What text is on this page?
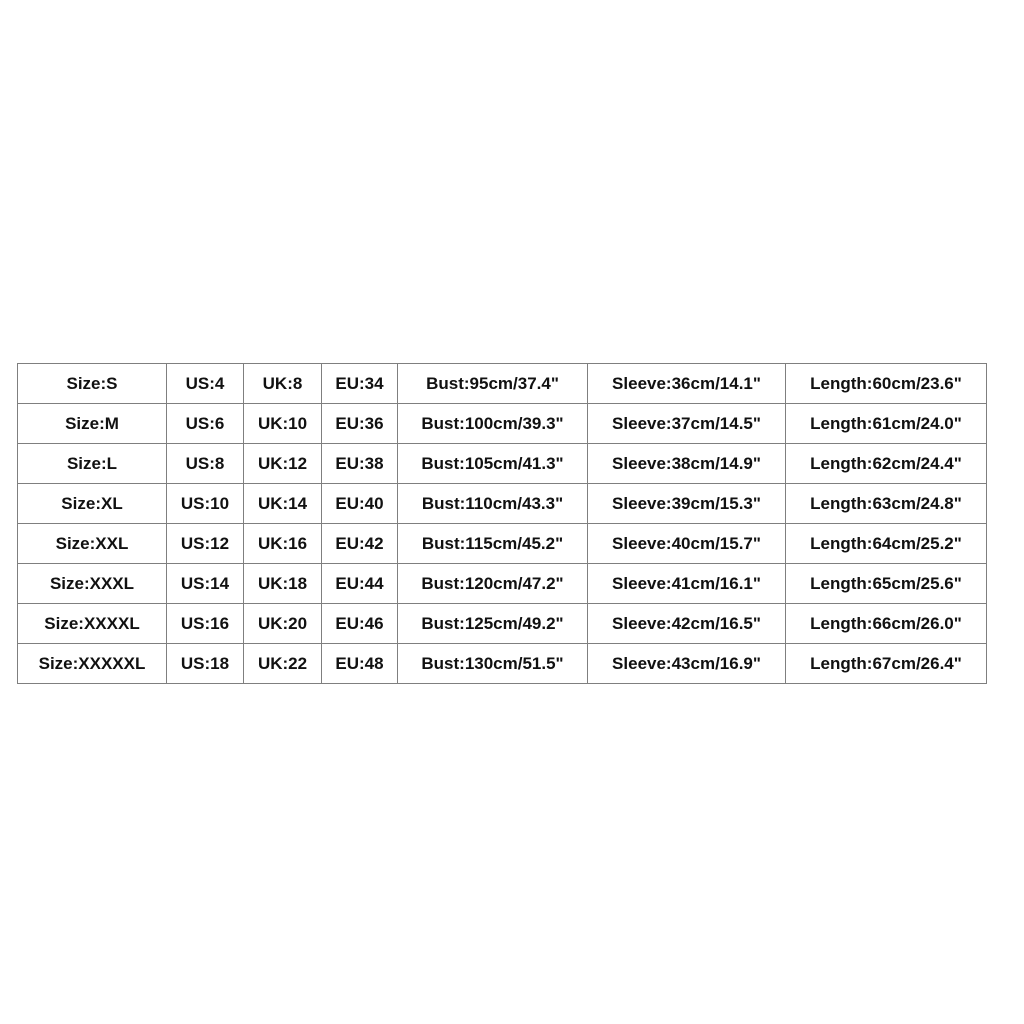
Size:S	US:4	UK:8	EU:34	Bust:95cm/37.4"	Sleeve:36cm/14.1"	Length:60cm/23.6"
Size:M	US:6	UK:10	EU:36	Bust:100cm/39.3"	Sleeve:37cm/14.5"	Length:61cm/24.0"
Size:L	US:8	UK:12	EU:38	Bust:105cm/41.3"	Sleeve:38cm/14.9"	Length:62cm/24.4"
Size:XL	US:10	UK:14	EU:40	Bust:110cm/43.3"	Sleeve:39cm/15.3"	Length:63cm/24.8"
Size:XXL	US:12	UK:16	EU:42	Bust:115cm/45.2"	Sleeve:40cm/15.7"	Length:64cm/25.2"
Size:XXXL	US:14	UK:18	EU:44	Bust:120cm/47.2"	Sleeve:41cm/16.1"	Length:65cm/25.6"
Size:XXXXL	US:16	UK:20	EU:46	Bust:125cm/49.2"	Sleeve:42cm/16.5"	Length:66cm/26.0"
Size:XXXXXL	US:18	UK:22	EU:48	Bust:130cm/51.5"	Sleeve:43cm/16.9"	Length:67cm/26.4"
